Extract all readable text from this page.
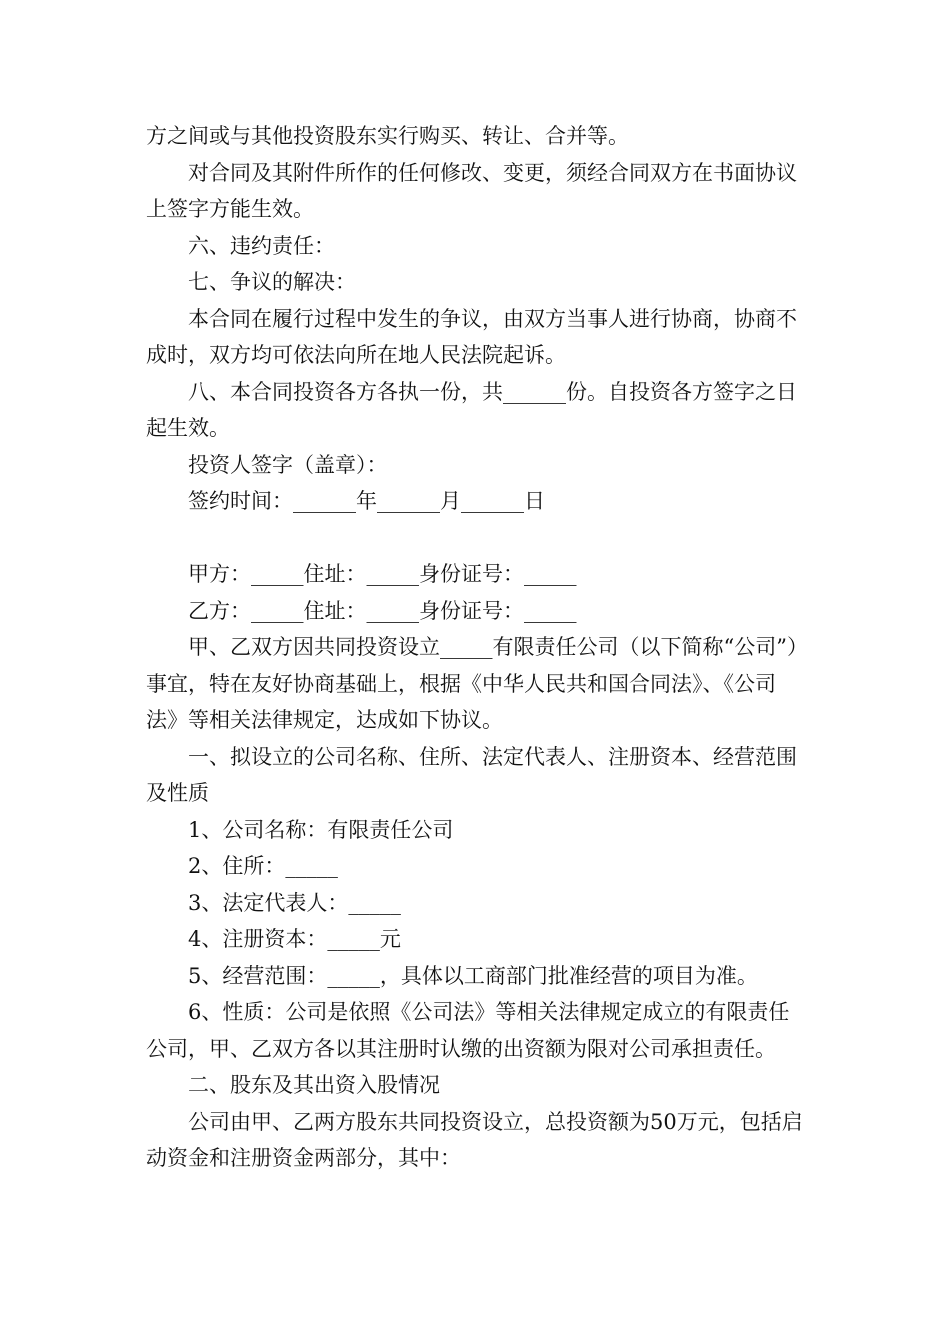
方之间或与其他投资股东实行购买、转让、合并等。

对合同及其附件所作的任何修改、变更，须经合同双方在书面协议上签字方能生效。

六、违约责任：

七、争议的解决：

本合同在履行过程中发生的争议，由双方当事人进行协商，协商不成时，双方均可依法向所在地人民法院起诉。

八、本合同投资各方各执一份，共______份。自投资各方签字之日起生效。

投资人签字（盖章）：

签约时间：______年______月______日

甲方：_____住址：_____身份证号：_____

乙方：_____住址：_____身份证号：_____

甲、乙双方因共同投资设立_____有限责任公司（以下简称“公司”）事宜，特在友好协商基础上，根据《中华人民共和国合同法》、《公司法》等相关法律规定，达成如下协议。

一、拟设立的公司名称、住所、法定代表人、注册资本、经营范围及性质

1、公司名称：有限责任公司

2、住所：_____

3、法定代表人：_____

4、注册资本：_____元

5、经营范围：_____，具体以工商部门批准经营的项目为准。

6、性质：公司是依照《公司法》等相关法律规定成立的有限责任公司，甲、乙双方各以其注册时认缴的出资额为限对公司承担责任。

二、股东及其出资入股情况

公司由甲、乙两方股东共同投资设立，总投资额为50万元，包括启动资金和注册资金两部分，其中：
